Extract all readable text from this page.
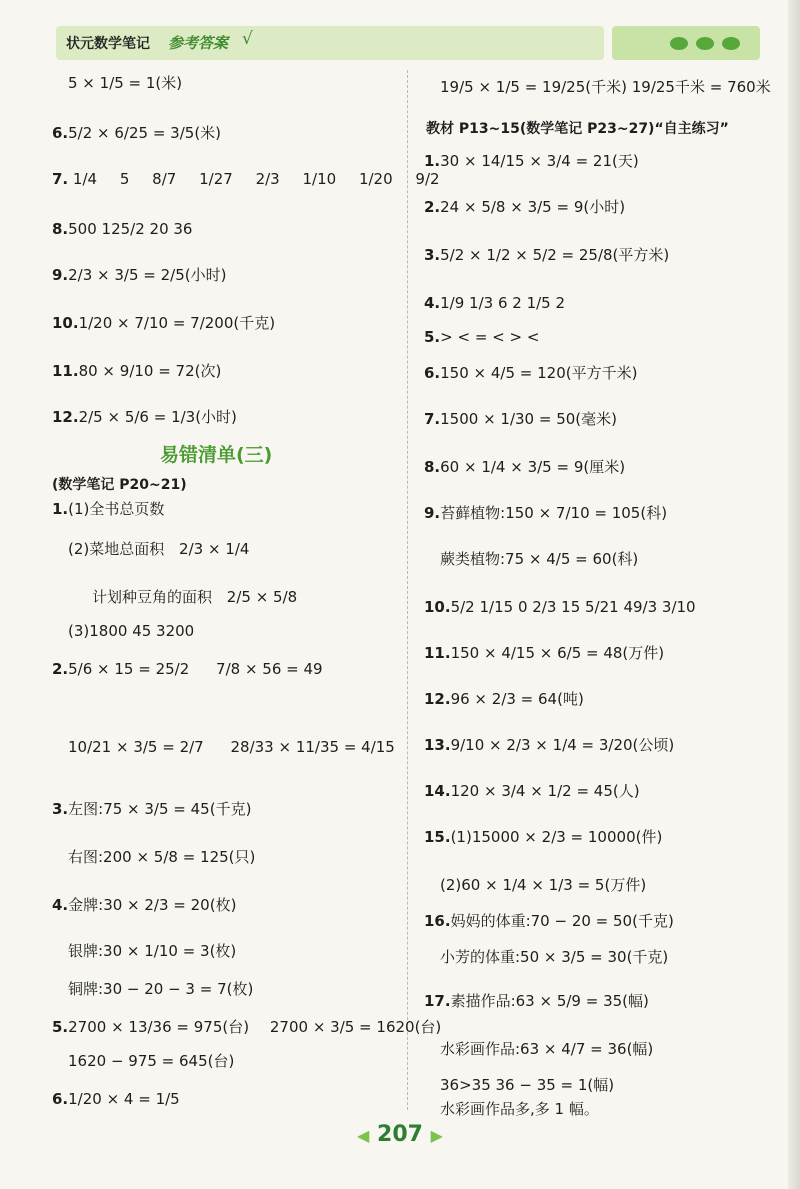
状元数学笔记 参考答案 √
5 × 1/5 = 1(米)
6.5/2 × 6/25 = 3/5(米)
7. 1/4 5 8/7 1/27 2/3 1/10 1/20 9/2
8.500 125/2 20 36
9.2/3 × 3/5 = 2/5(小时)
10.1/20 × 7/10 = 7/200(千克)
11.80 × 9/10 = 72(次)
12.2/5 × 5/6 = 1/3(小时)
易错清单(三)
(数学笔记 P20~21)
1.(1)全书总页数
(2)菜地总面积 2/3 × 1/4
计划种豆角的面积 2/5 × 5/8
(3)1800 45 3200
2.5/6 × 15 = 25/2 7/8 × 56 = 49
10/21 × 3/5 = 2/7 28/33 × 11/35 = 4/15
3.左图:75 × 3/5 = 45(千克)
右图:200 × 5/8 = 125(只)
4.金牌:30 × 2/3 = 20(枚)
银牌:30 × 1/10 = 3(枚)
铜牌:30 − 20 − 3 = 7(枚)
5.2700 × 13/36 = 975(台) 2700 × 3/5 = 1620(台)
1620 − 975 = 645(台)
6.1/20 × 4 = 1/5
19/5 × 1/5 = 19/25(千米) 19/25千米 = 760米
教材 P13~15(数学笔记 P23~27)“自主练习”
1.30 × 14/15 × 3/4 = 21(天)
2.24 × 5/8 × 3/5 = 9(小时)
3.5/2 × 1/2 × 5/2 = 25/8(平方米)
4.1/9 1/3 6 2 1/5 2
5.> < = < > <
6.150 × 4/5 = 120(平方千米)
7.1500 × 1/30 = 50(毫米)
8.60 × 1/4 × 3/5 = 9(厘米)
9.苔藓植物:150 × 7/10 = 105(科)
蕨类植物:75 × 4/5 = 60(科)
10.5/2 1/15 0 2/3 15 5/21 49/3 3/10
11.150 × 4/15 × 6/5 = 48(万件)
12.96 × 2/3 = 64(吨)
13.9/10 × 2/3 × 1/4 = 3/20(公顷)
14.120 × 3/4 × 1/2 = 45(人)
15.(1)15000 × 2/3 = 10000(件)
(2)60 × 1/4 × 1/3 = 5(万件)
16.妈妈的体重:70 − 20 = 50(千克)
小芳的体重:50 × 3/5 = 30(千克)
17.素描作品:63 × 5/9 = 35(幅)
水彩画作品:63 × 4/7 = 36(幅)
36>35 36 − 35 = 1(幅)
水彩画作品多,多 1 幅。
◀ 207 ▶
